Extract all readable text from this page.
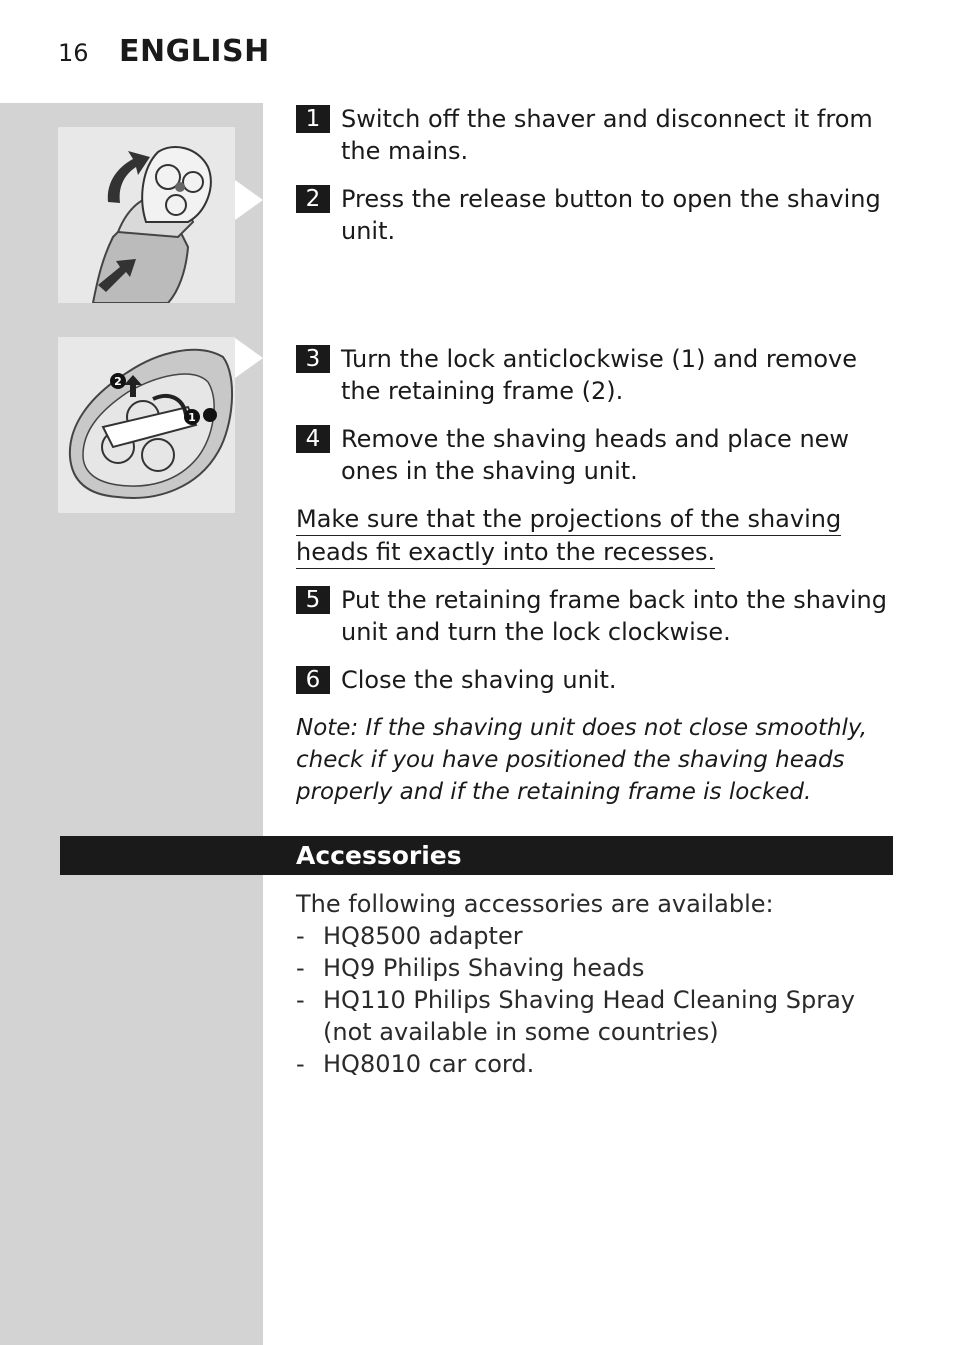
16 ENGLISH
2
1
1 Switch off the shaver and disconnect it from the mains.
2 Press the release button to open the shaving unit.
3 Turn the lock anticlockwise (1) and remove the retaining frame (2).
4 Remove the shaving heads and place new ones in the shaving unit.
Make sure that the projections of the shaving
heads fit exactly into the recesses.
5 Put the retaining frame back into the shaving unit and turn the lock clockwise.
6 Close the shaving unit.
Note: If the shaving unit does not close smoothly, check if you have positioned the shaving heads properly and if the retaining frame is locked.
Accessories
The following accessories are available:
- HQ8500 adapter
- HQ9 Philips Shaving heads
- HQ110 Philips Shaving Head Cleaning Spray (not available in some countries)
- HQ8010 car cord.
